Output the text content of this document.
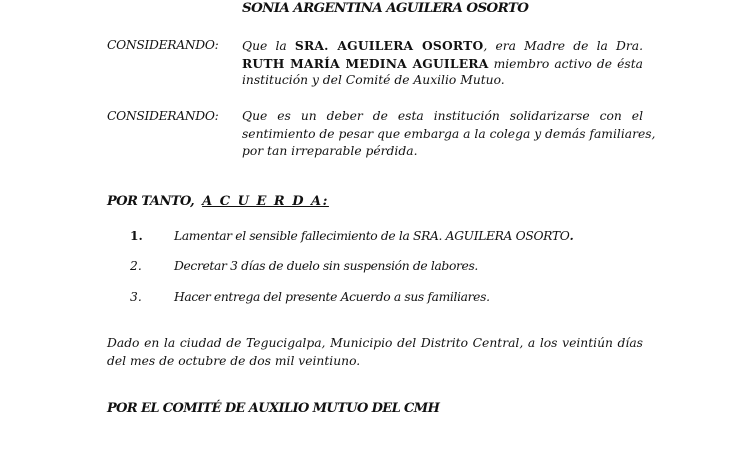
SONIA ARGENTINA AGUILERA OSORTO
CONSIDERANDO: Que la SRA. AGUILERA OSORTO, era Madre de la Dra.
RUTH MARÍA MEDINA AGUILERA miembro activo de ésta
institución y del Comité de Auxilio Mutuo.
CONSIDERANDO: Que es un deber de esta institución solidarizarse con el
sentimiento de pesar que embarga a la colega y demás familiares,
por tan irreparable pérdida.
POR TANTO, A C U E R D A:
1.	Lamentar el sensible fallecimiento de la SRA. AGUILERA OSORTO.
2.	Decretar 3 días de duelo sin suspensión de labores.
3.	Hacer entrega del presente Acuerdo a sus familiares.
Dado en la ciudad de Tegucigalpa, Municipio del Distrito Central, a los veintiún días
del mes de octubre de dos mil veintiuno.
POR EL COMITÉ DE AUXILIO MUTUO DEL CMH
